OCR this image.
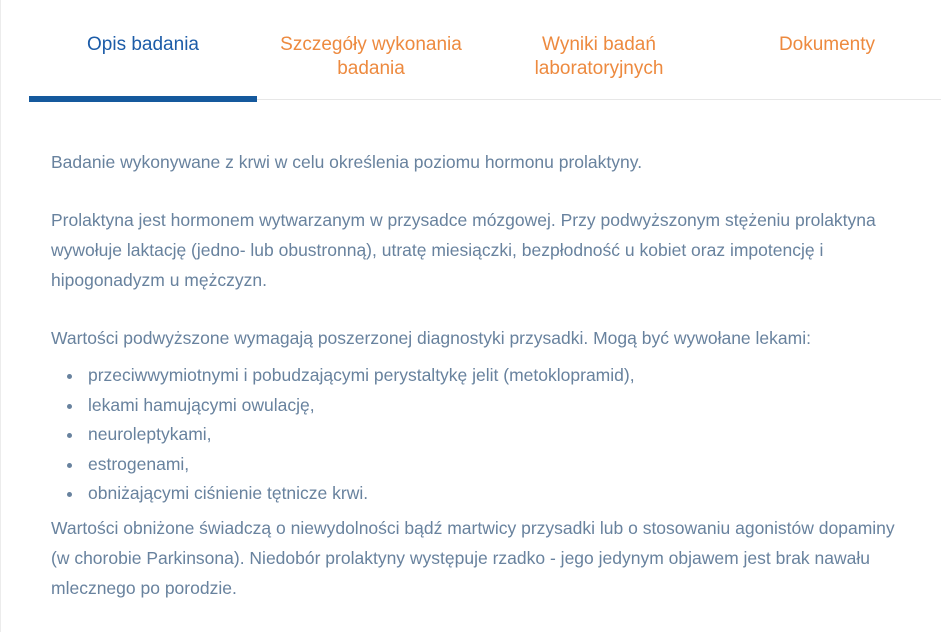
Opis badania	Szczegóły wykonania badania
Wyniki badań laboratoryjnych
Dokumenty

Badanie wykonywane z krwi w celu określenia poziomu hormonu prolaktyny.

Prolaktyna jest hormonem wytwarzanym w przysadce mózgowej. Przy podwyższonym stężeniu prolaktyna wywołuje laktację (jedno- lub obustronną), utratę miesiączki, bezpłodność u kobiet oraz impotencję i hipogonadyzm u mężczyzn.

Wartości podwyższone wymagają poszerzonej diagnostyki przysadki. Mogą być wywołane lekami:

• przeciwwymiotnymi i pobudzającymi perystaltykę jelit (metoklopramid),
• lekami hamującymi owulację,
• neuroleptykami,
• estrogenami,
• obniżającymi ciśnienie tętnicze krwi.

Wartości obniżone świadczą o niewydolności bądź martwicy przysadki lub o stosowaniu agonistów dopaminy (w chorobie Parkinsona). Niedobór prolaktyny występuje rzadko - jego jedynym objawem jest brak nawału mlecznego po porodzie.
